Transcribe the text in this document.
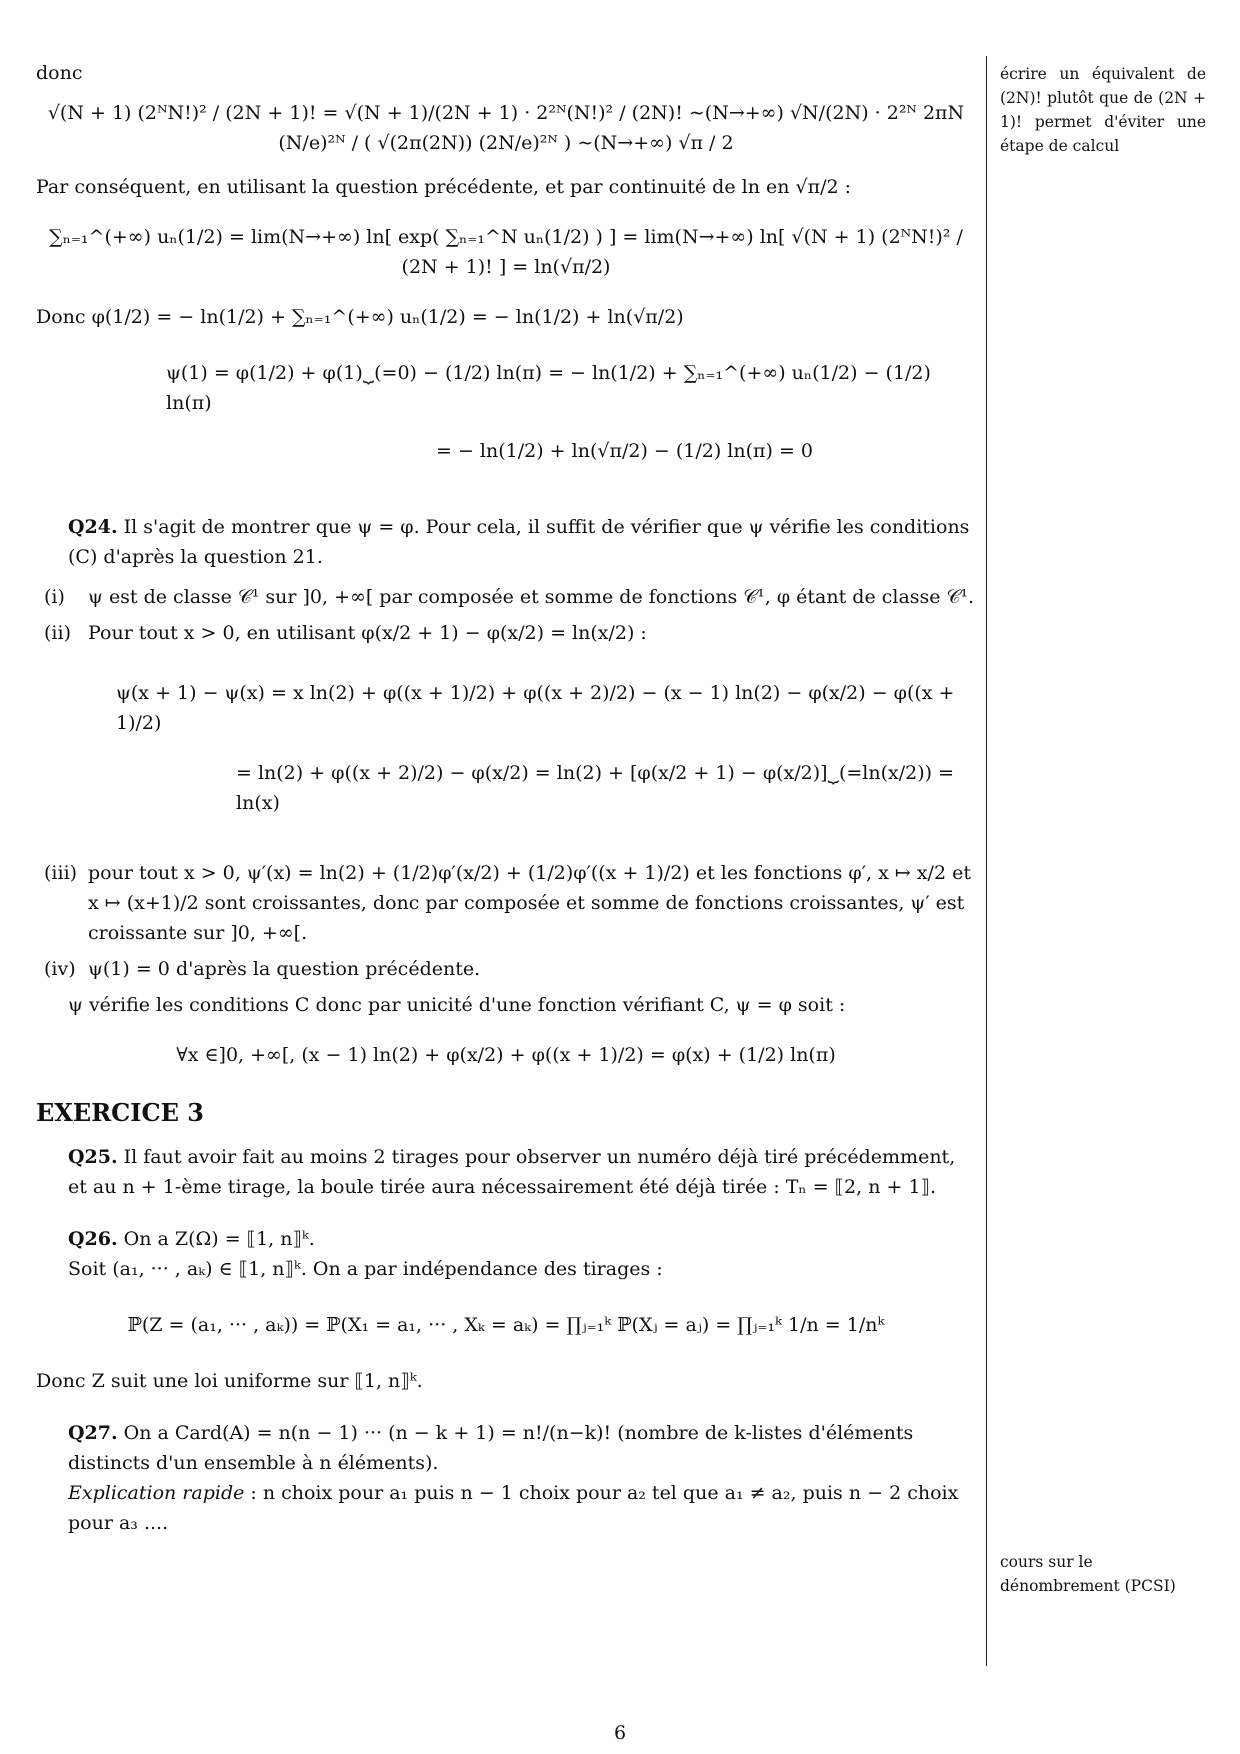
écrire un équivalent de (2N)! plutôt que de (2N + 1)! permet d'éviter une étape de calcul
cours sur le dénombrement (PCSI)

donc

√(N + 1) (2ᴺN!)² / (2N + 1)! = √(N + 1)/(2N + 1) · 2²ᴺ(N!)² / (2N)! ∼(N→+∞) √N/(2N) · 2²ᴺ 2πN (N/e)²ᴺ / ( √(2π(2N)) (2N/e)²ᴺ ) ∼(N→+∞) √π / 2

Par conséquent, en utilisant la question précédente, et par continuité de ln en √π/2 :

∑ₙ₌₁^(+∞) uₙ(1/2) = lim(N→+∞) ln[ exp( ∑ₙ₌₁^N uₙ(1/2) ) ] = lim(N→+∞) ln[ √(N + 1) (2ᴺN!)² / (2N + 1)! ] = ln(√π/2)

Donc φ(1/2) = − ln(1/2) + ∑ₙ₌₁^(+∞) uₙ(1/2) = − ln(1/2) + ln(√π/2)

ψ(1) = φ(1/2) + φ(1)⏟(=0) − (1/2) ln(π) = − ln(1/2) + ∑ₙ₌₁^(+∞) uₙ(1/2) − (1/2) ln(π)

= − ln(1/2) + ln(√π/2) − (1/2) ln(π) = 0

Q24. Il s'agit de montrer que ψ = φ. Pour cela, il suffit de vérifier que ψ vérifie les conditions (C) d'après la question 21.

(i) ψ est de classe 𝒞¹ sur ]0, +∞[ par composée et somme de fonctions 𝒞¹, φ étant de classe 𝒞¹.
(ii) Pour tout x > 0, en utilisant φ(x/2 + 1) − φ(x/2) = ln(x/2) :

ψ(x + 1) − ψ(x) = x ln(2) + φ((x + 1)/2) + φ((x + 2)/2) − (x − 1) ln(2) − φ(x/2) − φ((x + 1)/2)

= ln(2) + φ((x + 2)/2) − φ(x/2) = ln(2) + [φ(x/2 + 1) − φ(x/2)]⏟(=ln(x/2)) = ln(x)

(iii) pour tout x > 0, ψ′(x) = ln(2) + (1/2)φ′(x/2) + (1/2)φ′((x + 1)/2) et les fonctions φ′, x ↦ x/2 et x ↦ (x+1)/2 sont croissantes, donc par composée et somme de fonctions croissantes, ψ′ est croissante sur ]0, +∞[.
(iv) ψ(1) = 0 d'après la question précédente.

ψ vérifie les conditions C donc par unicité d'une fonction vérifiant C, ψ = φ soit :

∀x ∈]0, +∞[, (x − 1) ln(2) + φ(x/2) + φ((x + 1)/2) = φ(x) + (1/2) ln(π)

EXERCICE 3

Q25. Il faut avoir fait au moins 2 tirages pour observer un numéro déjà tiré précédemment, et au n + 1-ème tirage, la boule tirée aura nécessairement été déjà tirée : Tₙ = ⟦2, n + 1⟧.

Q26. On a Z(Ω) = ⟦1, n⟧ᵏ.

Soit (a₁, ··· , aₖ) ∈ ⟦1, n⟧ᵏ. On a par indépendance des tirages :

ℙ(Z = (a₁, ··· , aₖ)) = ℙ(X₁ = a₁, ··· , Xₖ = aₖ) = ∏ⱼ₌₁ᵏ ℙ(Xⱼ = aⱼ) = ∏ⱼ₌₁ᵏ 1/n = 1/nᵏ

Donc Z suit une loi uniforme sur ⟦1, n⟧ᵏ.

Q27. On a Card(A) = n(n − 1) ··· (n − k + 1) = n!/(n−k)! (nombre de k-listes d'éléments distincts d'un ensemble à n éléments).

Explication rapide : n choix pour a₁ puis n − 1 choix pour a₂ tel que a₁ ≠ a₂, puis n − 2 choix pour a₃ ....

6
